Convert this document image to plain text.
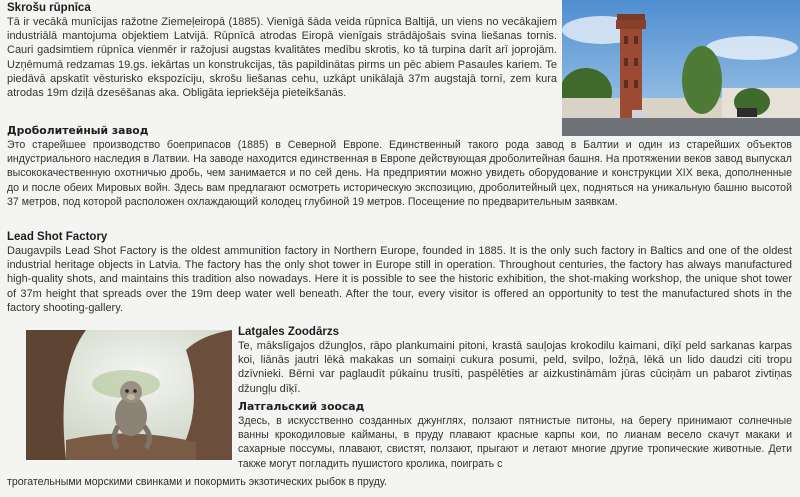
Skrošu rūpnīca

Tā ir vecākā munīcijas ražotne Ziemeļeiropā (1885). Vienīgā šāda veida rūpnīca Baltijā, un viens no vecākajiem industriālā mantojuma objektiem Latvijā. Rūpnīcā atrodas Eiropā vienīgais strādājošais svina liešanas tornis. Cauri gadsimtiem rūpnīca vienmēr ir ražojusi augstas kvalitātes medību skrotis, ko tā turpina darīt arī joprojām. Uzņēmumā redzamas 19.gs. iekārtas un konstrukcijas, tās papildinātas pirms un pēc abiem Pasaules kariem. Te piedāvā apskatīt vēsturisko ekspozīciju, skrošu liešanas cehu, uzkāpt unikālajā 37m augstajā tornī, zem kura atrodas 19m dziļā dzesēšanas aka. Obligāta iepriekšēja pieteikšanās.

Дроболитейный завод

Это старейшее производство боеприпасов (1885) в Северной Европе. Единственный такого рода завод в Балтии и один из старейших объектов индустриального наследия в Латвии. На заводе находится единственная в Европе действующая дроболитейная башня. На протяжении веков завод выпускал высококачественную охотничью дробь, чем занимается и по сей день. На предприятии можно увидеть оборудование и конструкции XIX века, дополненные до и после обеих Мировых войн. Здесь вам предлагают осмотреть историческую экспозицию, дроболитейный цех, подняться на уникальную башню высотой 37 метров, под которой расположен охлаждающий колодец глубиной 19 метров. Посещение по предварительным заявкам.

Lead Shot Factory

Daugavpils Lead Shot Factory is the oldest ammunition factory in Northern Europe, founded in 1885. It is the only such factory in Baltics and one of the oldest industrial heritage objects in Latvia. The factory has the only shot tower in Europe still in operation. Throughout centuries, the factory has always manufactured high-quality shots, and maintains this tradition also nowadays. Here it is possible to see the historic exhibition, the shot-making workshop, the unique shot tower of 37m height that spreads over the 19m deep water well beneath. After the tour, every visitor is offered an opportunity to test the manufactured shots in the factory shooting-gallery.

Latgales Zoodārzs

Te, mākslīgajos džungļos, rāpo plankumaini pitoni, krastā sauļojas krokodilu kaimani, dīķī peld sarkanas karpas koi, liānās jautri lēkā makakas un somaiņi cukura posumi, peld, svilpo, ložņā, lēkā un lido daudzi citi tropu dzīvnieki. Bērni var paglaudīt pūkainu trusīti, paspēlēties ar aizkustināmām jūras cūciņām un pabarot zivtiņas džungļu dīķī.

Латгальский зоосад

Здесь, в искусственно созданных джунглях, ползают пятнистые питоны, на берегу принимают солнечные ванны крокодиловые кайманы, в пруду плавают красные карпы кои, по лианам весело скачут макаки и сахарные поссумы, плавают, свистят, ползают, прыгают и летают многие другие тропические животные. Дети также могут погладить пушистого кролика, поиграть с

трогательными морскими свинками и покормить экзотических рыбок в пруду.
